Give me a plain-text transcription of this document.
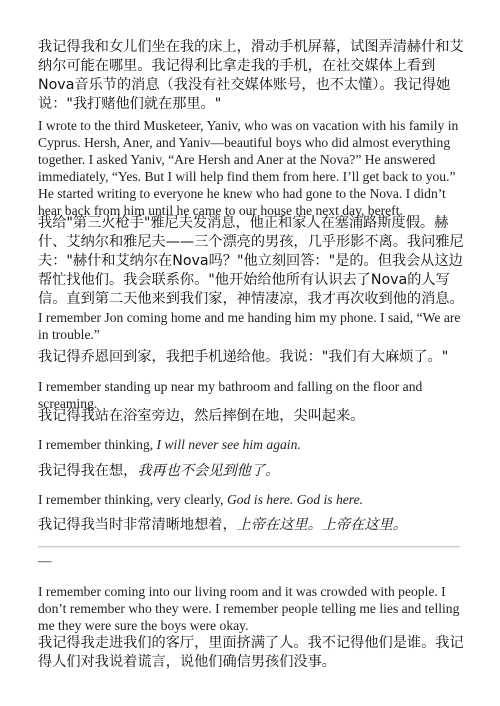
我记得我和女儿们坐在我的床上，滑动手机屏幕，试图弄清赫什和艾纳尔可能在哪里。我记得利比拿走我的手机，在社交媒体上看到Nova音乐节的消息（我没有社交媒体账号，也不太懂）。我记得她说："我打赌他们就在那里。"

I wrote to the third Musketeer, Yaniv, who was on vacation with his family in Cyprus. Hersh, Aner, and Yaniv—beautiful boys who did almost everything together. I asked Yaniv, “Are Hersh and Aner at the Nova?” He answered immediately, “Yes. But I will help find them from here. I’ll get back to you.” He started writing to everyone he knew who had gone to the Nova. I didn’t hear back from him until he came to our house the next day, bereft.

我给"第三火枪手"雅尼夫发消息，他正和家人在塞浦路斯度假。赫什、艾纳尔和雅尼夫——三个漂亮的男孩，几乎形影不离。我问雅尼夫："赫什和艾纳尔在Nova吗？"他立刻回答："是的。但我会从这边帮忙找他们。我会联系你。"他开始给他所有认识去了Nova的人写信。直到第二天他来到我们家，神情凄凉，我才再次收到他的消息。

I remember Jon coming home and me handing him my phone. I said, “We are in trouble.”

我记得乔恩回到家，我把手机递给他。我说："我们有大麻烦了。"

I remember standing up near my bathroom and falling on the floor and screaming.

我记得我站在浴室旁边，然后摔倒在地，尖叫起来。

I remember thinking, I will never see him again.

我记得我在想，我再也不会见到他了。

I remember thinking, very clearly, God is here. God is here.

我记得我当时非常清晰地想着，上帝在这里。上帝在这里。

—

I remember coming into our living room and it was crowded with people. I don’t remember who they were. I remember people telling me lies and telling me they were sure the boys were okay.

我记得我走进我们的客厅，里面挤满了人。我不记得他们是谁。我记得人们对我说着谎言，说他们确信男孩们没事。
